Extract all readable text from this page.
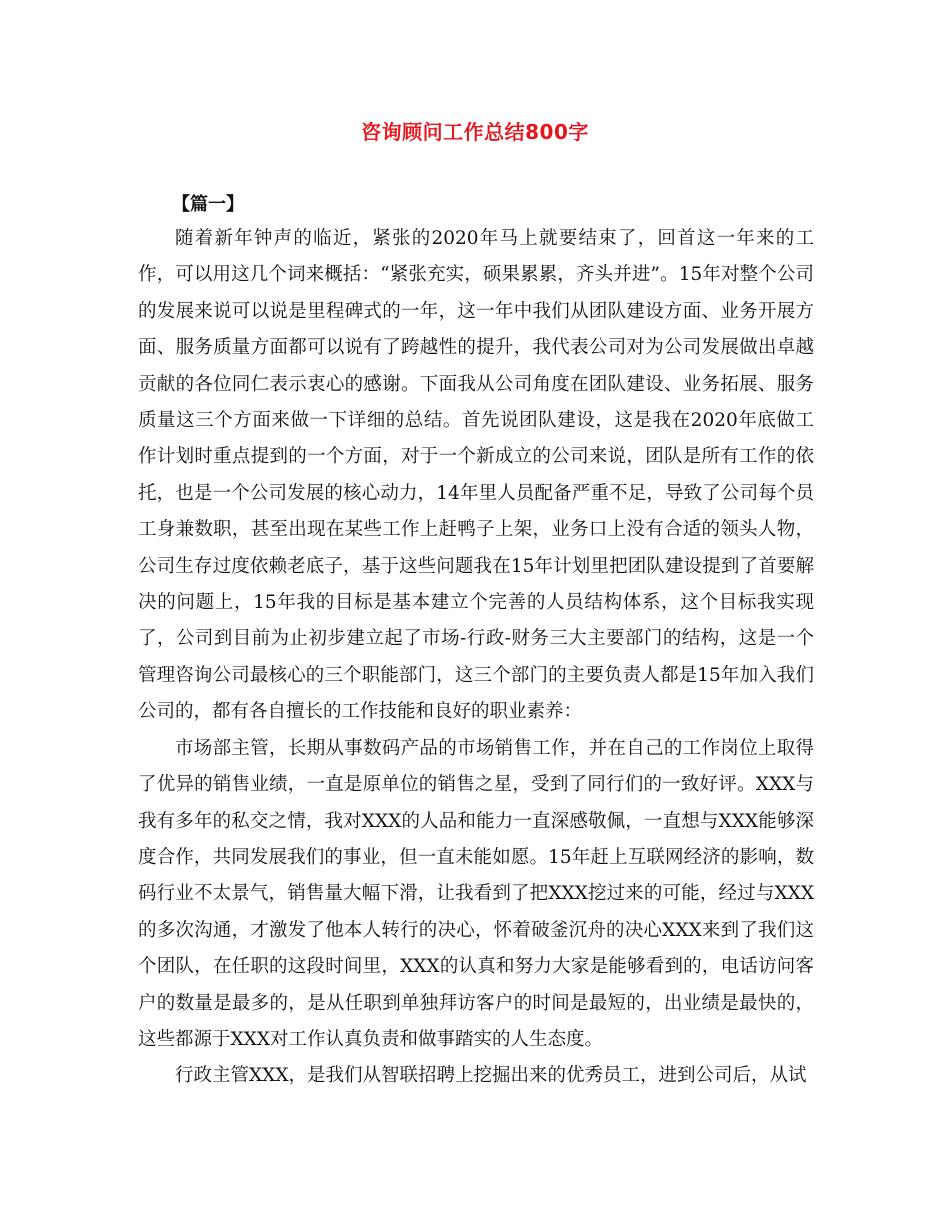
咨询顾问工作总结800字
【篇一】

随着新年钟声的临近，紧张的2020年马上就要结束了，回首这一年来的工作，可以用这几个词来概括：“紧张充实，硕果累累，齐头并进”。15年对整个公司的发展来说可以说是里程碑式的一年，这一年中我们从团队建设方面、业务开展方面、服务质量方面都可以说有了跨越性的提升，我代表公司对为公司发展做出卓越贡献的各位同仁表示衷心的感谢。下面我从公司角度在团队建设、业务拓展、服务质量这三个方面来做一下详细的总结。首先说团队建设，这是我在2020年底做工作计划时重点提到的一个方面，对于一个新成立的公司来说，团队是所有工作的依托，也是一个公司发展的核心动力，14年里人员配备严重不足，导致了公司每个员工身兼数职，甚至出现在某些工作上赶鸭子上架，业务口上没有合适的领头人物，公司生存过度依赖老底子，基于这些问题我在15年计划里把团队建设提到了首要解决的问题上，15年我的目标是基本建立个完善的人员结构体系，这个目标我实现了，公司到目前为止初步建立起了市场-行政-财务三大主要部门的结构，这是一个管理咨询公司最核心的三个职能部门，这三个部门的主要负责人都是15年加入我们公司的，都有各自擅长的工作技能和良好的职业素养：

市场部主管，长期从事数码产品的市场销售工作，并在自己的工作岗位上取得了优异的销售业绩，一直是原单位的销售之星，受到了同行们的一致好评。XXX与我有多年的私交之情，我对XXX的人品和能力一直深感敬佩，一直想与XXX能够深度合作，共同发展我们的事业，但一直未能如愿。15年赶上互联网经济的影响，数码行业不太景气，销售量大幅下滑，让我看到了把XXX挖过来的可能，经过与XXX的多次沟通，才激发了他本人转行的决心，怀着破釜沉舟的决心XXX来到了我们这个团队，在任职的这段时间里，XXX的认真和努力大家是能够看到的，电话访问客户的数量是最多的，是从任职到单独拜访客户的时间是最短的，出业绩是最快的，这些都源于XXX对工作认真负责和做事踏实的人生态度。

行政主管XXX，是我们从智联招聘上挖掘出来的优秀员工，进到公司后，从试
